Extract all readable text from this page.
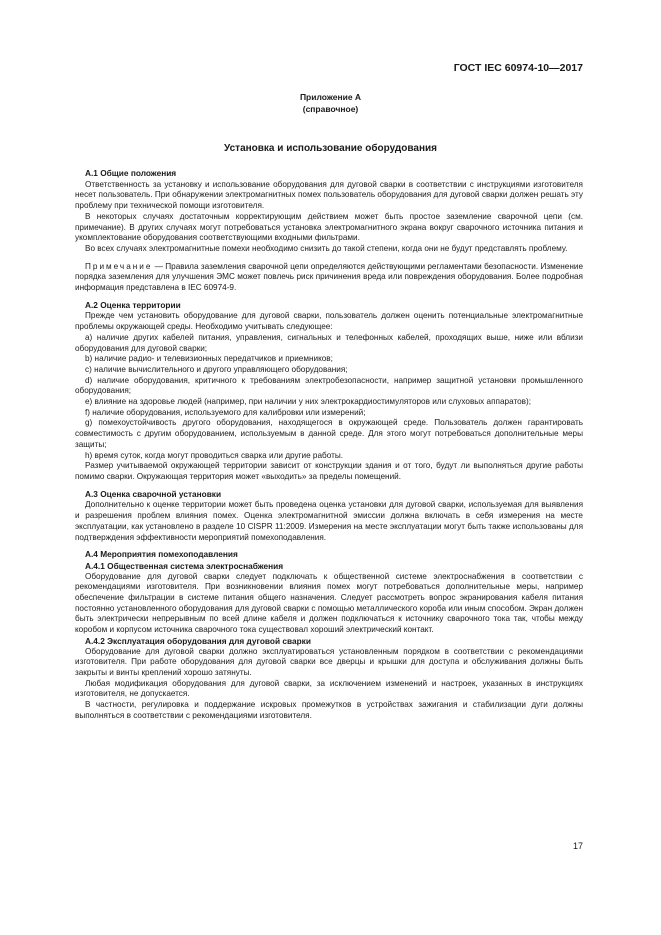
ГОСТ IEC 60974-10—2017
Приложение А
(справочное)
Установка и использование оборудования
А.1 Общие положения

Ответственность за установку и использование оборудования для дуговой сварки в соответствии с инструкциями изготовителя несет пользователь. При обнаружении электромагнитных помех пользователь оборудования для дуговой сварки должен решать эту проблему при технической помощи изготовителя.

В некоторых случаях достаточным корректирующим действием может быть простое заземление сварочной цепи (см. примечание). В других случаях могут потребоваться установка электромагнитного экрана вокруг сварочного источника питания и укомплектование оборудования соответствующими входными фильтрами.

Во всех случаях электромагнитные помехи необходимо снизить до такой степени, когда они не будут представлять проблему.

Примечание — Правила заземления сварочной цепи определяются действующими регламентами безопасности. Изменение порядка заземления для улучшения ЭМС может повлечь риск причинения вреда или повреждения оборудования. Более подробная информация представлена в IEC 60974-9.

А.2 Оценка территории

Прежде чем установить оборудование для дуговой сварки, пользователь должен оценить потенциальные электромагнитные проблемы окружающей среды. Необходимо учитывать следующее:

a) наличие других кабелей питания, управления, сигнальных и телефонных кабелей, проходящих выше, ниже или вблизи оборудования для дуговой сварки;

b) наличие радио- и телевизионных передатчиков и приемников;

c) наличие вычислительного и другого управляющего оборудования;

d) наличие оборудования, критичного к требованиям электробезопасности, например защитной установки промышленного оборудования;

e) влияние на здоровье людей (например, при наличии у них электрокардиостимуляторов или слуховых аппаратов);

f) наличие оборудования, используемого для калибровки или измерений;

g) помехоустойчивость другого оборудования, находящегося в окружающей среде. Пользователь должен гарантировать совместимость с другим оборудованием, используемым в данной среде. Для этого могут потребоваться дополнительные меры защиты;

h) время суток, когда могут проводиться сварка или другие работы.

Размер учитываемой окружающей территории зависит от конструкции здания и от того, будут ли выполняться другие работы помимо сварки. Окружающая территория может «выходить» за пределы помещений.

А.3 Оценка сварочной установки

Дополнительно к оценке территории может быть проведена оценка установки для дуговой сварки, используемая для выявления и разрешения проблем влияния помех. Оценка электромагнитной эмиссии должна включать в себя измерения на месте эксплуатации, как установлено в разделе 10 CISPR 11:2009. Измерения на месте эксплуатации могут быть также использованы для подтверждения эффективности мероприятий помехоподавления.

А.4 Мероприятия помехоподавления
А.4.1 Общественная система электроснабжения

Оборудование для дуговой сварки следует подключать к общественной системе электроснабжения в соответствии с рекомендациями изготовителя. При возникновении влияния помех могут потребоваться дополнительные меры, например обеспечение фильтрации в системе питания общего назначения. Следует рассмотреть вопрос экранирования кабеля питания постоянно установленного оборудования для дуговой сварки с помощью металлического короба или иным способом. Экран должен быть электрически непрерывным по всей длине кабеля и должен подключаться к источнику сварочного тока так, чтобы между коробом и корпусом источника сварочного тока существовал хороший электрический контакт.

А.4.2 Эксплуатация оборудования для дуговой сварки

Оборудование для дуговой сварки должно эксплуатироваться установленным порядком в соответствии с рекомендациями изготовителя. При работе оборудования для дуговой сварки все дверцы и крышки для доступа и обслуживания должны быть закрыты и винты креплений хорошо затянуты.

Любая модификация оборудования для дуговой сварки, за исключением изменений и настроек, указанных в инструкциях изготовителя, не допускается.

В частности, регулировка и поддержание искровых промежутков в устройствах зажигания и стабилизации дуги должны выполняться в соответствии с рекомендациями изготовителя.

17
